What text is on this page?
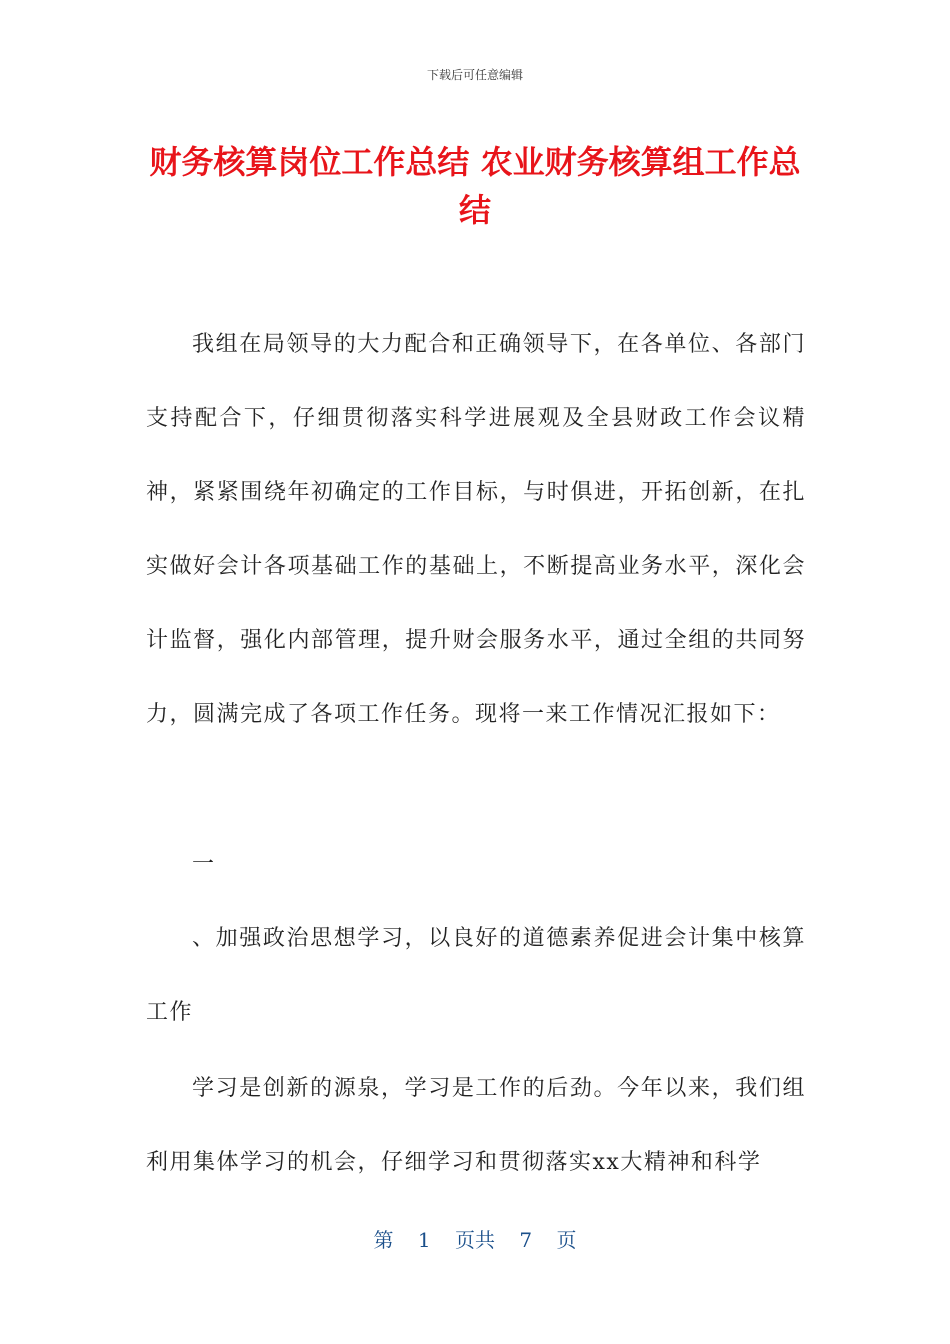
下载后可任意编辑
财务核算岗位工作总结 农业财务核算组工作总结

我组在局领导的大力配合和正确领导下，在各单位、各部门支持配合下，仔细贯彻落实科学进展观及全县财政工作会议精神，紧紧围绕年初确定的工作目标，与时俱进，开拓创新，在扎实做好会计各项基础工作的基础上，不断提高业务水平，深化会计监督，强化内部管理，提升财会服务水平，通过全组的共同努力，圆满完成了各项工作任务。现将一来工作情况汇报如下：

一

、加强政治思想学习，以良好的道德素养促进会计集中核算工作

学习是创新的源泉，学习是工作的后劲。今年以来，我们组利用集体学习的机会，仔细学习和贯彻落实xx大精神和科学

第 1 页共 7 页
